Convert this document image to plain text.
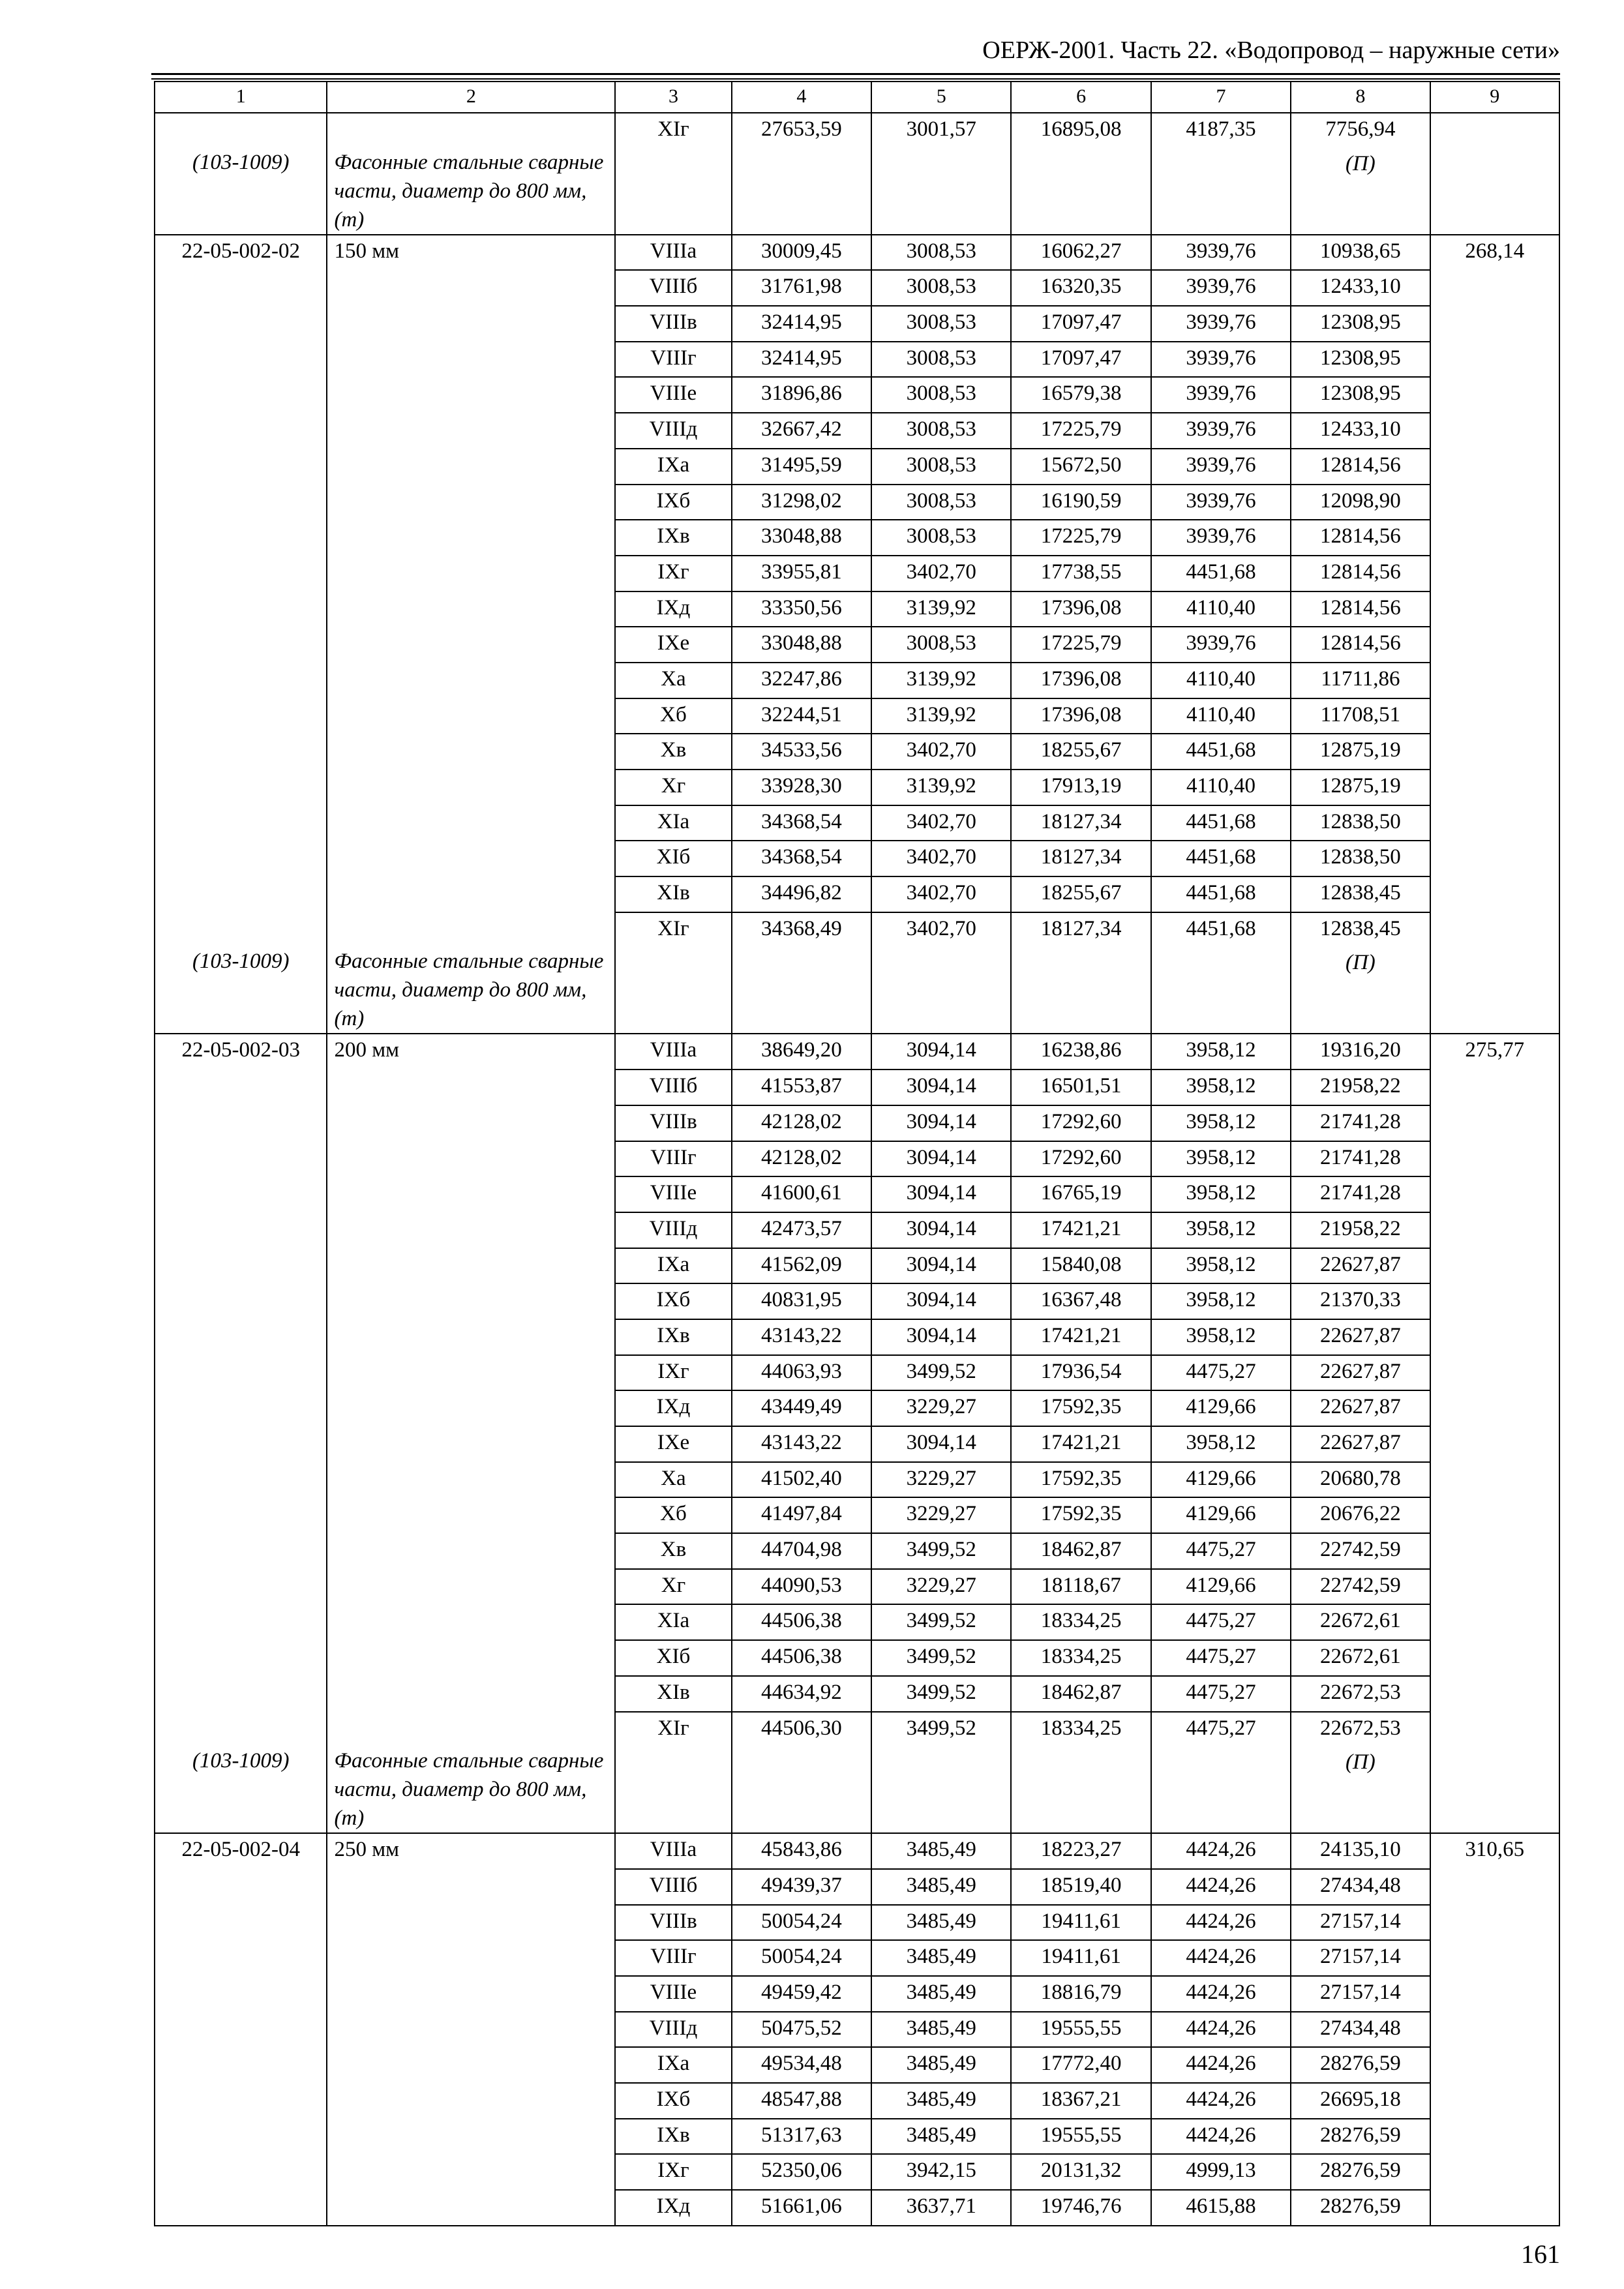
ОЕРЖ-2001. Часть 22. «Водопровод – наружные сети»
1	2	3	4	5	6	7	8	9
		XIг	27653,59	3001,57	16895,08	4187,35	7756,94	
(103-1009)	Фасонные стальные сварные части, диаметр до 800 мм, (т)						(П)	
22-05-002-02	150 мм	VIIIа	30009,45	3008,53	16062,27	3939,76	10938,65	268,14
		VIIIб	31761,98	3008,53	16320,35	3939,76	12433,10	
		VIIIв	32414,95	3008,53	17097,47	3939,76	12308,95	
		VIIIг	32414,95	3008,53	17097,47	3939,76	12308,95	
		VIIIе	31896,86	3008,53	16579,38	3939,76	12308,95	
		VIIIд	32667,42	3008,53	17225,79	3939,76	12433,10	
		IXа	31495,59	3008,53	15672,50	3939,76	12814,56	
		IXб	31298,02	3008,53	16190,59	3939,76	12098,90	
		IXв	33048,88	3008,53	17225,79	3939,76	12814,56	
		IXг	33955,81	3402,70	17738,55	4451,68	12814,56	
		IXд	33350,56	3139,92	17396,08	4110,40	12814,56	
		IXе	33048,88	3008,53	17225,79	3939,76	12814,56	
		Xа	32247,86	3139,92	17396,08	4110,40	11711,86	
		Xб	32244,51	3139,92	17396,08	4110,40	11708,51	
		Xв	34533,56	3402,70	18255,67	4451,68	12875,19	
		Xг	33928,30	3139,92	17913,19	4110,40	12875,19	
		XIа	34368,54	3402,70	18127,34	4451,68	12838,50	
		XIб	34368,54	3402,70	18127,34	4451,68	12838,50	
		XIв	34496,82	3402,70	18255,67	4451,68	12838,45	
		XIг	34368,49	3402,70	18127,34	4451,68	12838,45	
(103-1009)	Фасонные стальные сварные части, диаметр до 800 мм, (т)						(П)	
22-05-002-03	200 мм	VIIIа	38649,20	3094,14	16238,86	3958,12	19316,20	275,77
		VIIIб	41553,87	3094,14	16501,51	3958,12	21958,22	
		VIIIв	42128,02	3094,14	17292,60	3958,12	21741,28	
		VIIIг	42128,02	3094,14	17292,60	3958,12	21741,28	
		VIIIе	41600,61	3094,14	16765,19	3958,12	21741,28	
		VIIIд	42473,57	3094,14	17421,21	3958,12	21958,22	
		IXа	41562,09	3094,14	15840,08	3958,12	22627,87	
		IXб	40831,95	3094,14	16367,48	3958,12	21370,33	
		IXв	43143,22	3094,14	17421,21	3958,12	22627,87	
		IXг	44063,93	3499,52	17936,54	4475,27	22627,87	
		IXд	43449,49	3229,27	17592,35	4129,66	22627,87	
		IXе	43143,22	3094,14	17421,21	3958,12	22627,87	
		Xа	41502,40	3229,27	17592,35	4129,66	20680,78	
		Xб	41497,84	3229,27	17592,35	4129,66	20676,22	
		Xв	44704,98	3499,52	18462,87	4475,27	22742,59	
		Xг	44090,53	3229,27	18118,67	4129,66	22742,59	
		XIа	44506,38	3499,52	18334,25	4475,27	22672,61	
		XIб	44506,38	3499,52	18334,25	4475,27	22672,61	
		XIв	44634,92	3499,52	18462,87	4475,27	22672,53	
		XIг	44506,30	3499,52	18334,25	4475,27	22672,53	
(103-1009)	Фасонные стальные сварные части, диаметр до 800 мм, (т)						(П)	
22-05-002-04	250 мм	VIIIа	45843,86	3485,49	18223,27	4424,26	24135,10	310,65
		VIIIб	49439,37	3485,49	18519,40	4424,26	27434,48	
		VIIIв	50054,24	3485,49	19411,61	4424,26	27157,14	
		VIIIг	50054,24	3485,49	19411,61	4424,26	27157,14	
		VIIIе	49459,42	3485,49	18816,79	4424,26	27157,14	
		VIIIд	50475,52	3485,49	19555,55	4424,26	27434,48	
		IXа	49534,48	3485,49	17772,40	4424,26	28276,59	
		IXб	48547,88	3485,49	18367,21	4424,26	26695,18	
		IXв	51317,63	3485,49	19555,55	4424,26	28276,59	
		IXг	52350,06	3942,15	20131,32	4999,13	28276,59	
		IXд	51661,06	3637,71	19746,76	4615,88	28276,59	
161
